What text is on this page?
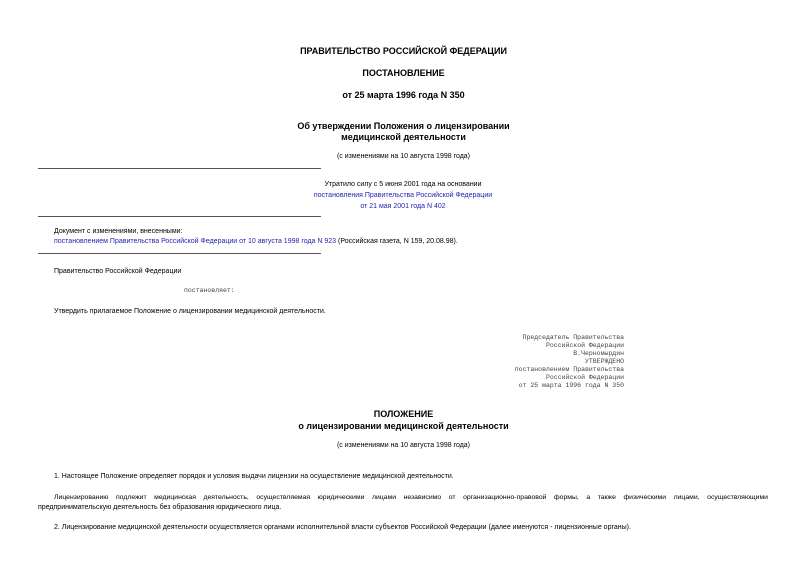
ПРАВИТЕЛЬСТВО РОССИЙСКОЙ ФЕДЕРАЦИИ
ПОСТАНОВЛЕНИЕ
от 25 марта 1996 года N 350
Об утверждении Положения о лицензировании
медицинской деятельности
(с изменениями на 10 августа 1998 года)
Утратило силу с 5 июня 2001 года на основании
постановления Правительства Российской Федерации
от 21 мая 2001 года N 402
Документ с изменениями, внесенными:
постановлением Правительства Российской Федерации от 10 августа 1998 года N 923 (Российская газета, N 159, 20.08.98).
Правительство Российской Федерации
постановляет:
Утвердить прилагаемое Положение о лицензировании медицинской деятельности.
Председатель Правительства
Российской Федерации
В.Черномырдин
УТВЕРЖДЕНО
постановлением Правительства
Российской Федерации
от 25 марта 1996 года N 350
ПОЛОЖЕНИЕ
о лицензировании медицинской деятельности
(с изменениями на 10 августа 1998 года)
1. Настоящее Положение определяет порядок и условия выдачи лицензии на осуществление медицинской деятельности.
Лицензированию подлежит медицинская деятельность, осуществляемая юридическими лицами независимо от организационно-правовой формы, а также физическими лицами, осуществляющими
предпринимательскую деятельность без образования юридического лица.
2. Лицензирование медицинской деятельности осуществляется органами исполнительной власти субъектов Российской Федерации (далее именуются - лицензионные органы).
